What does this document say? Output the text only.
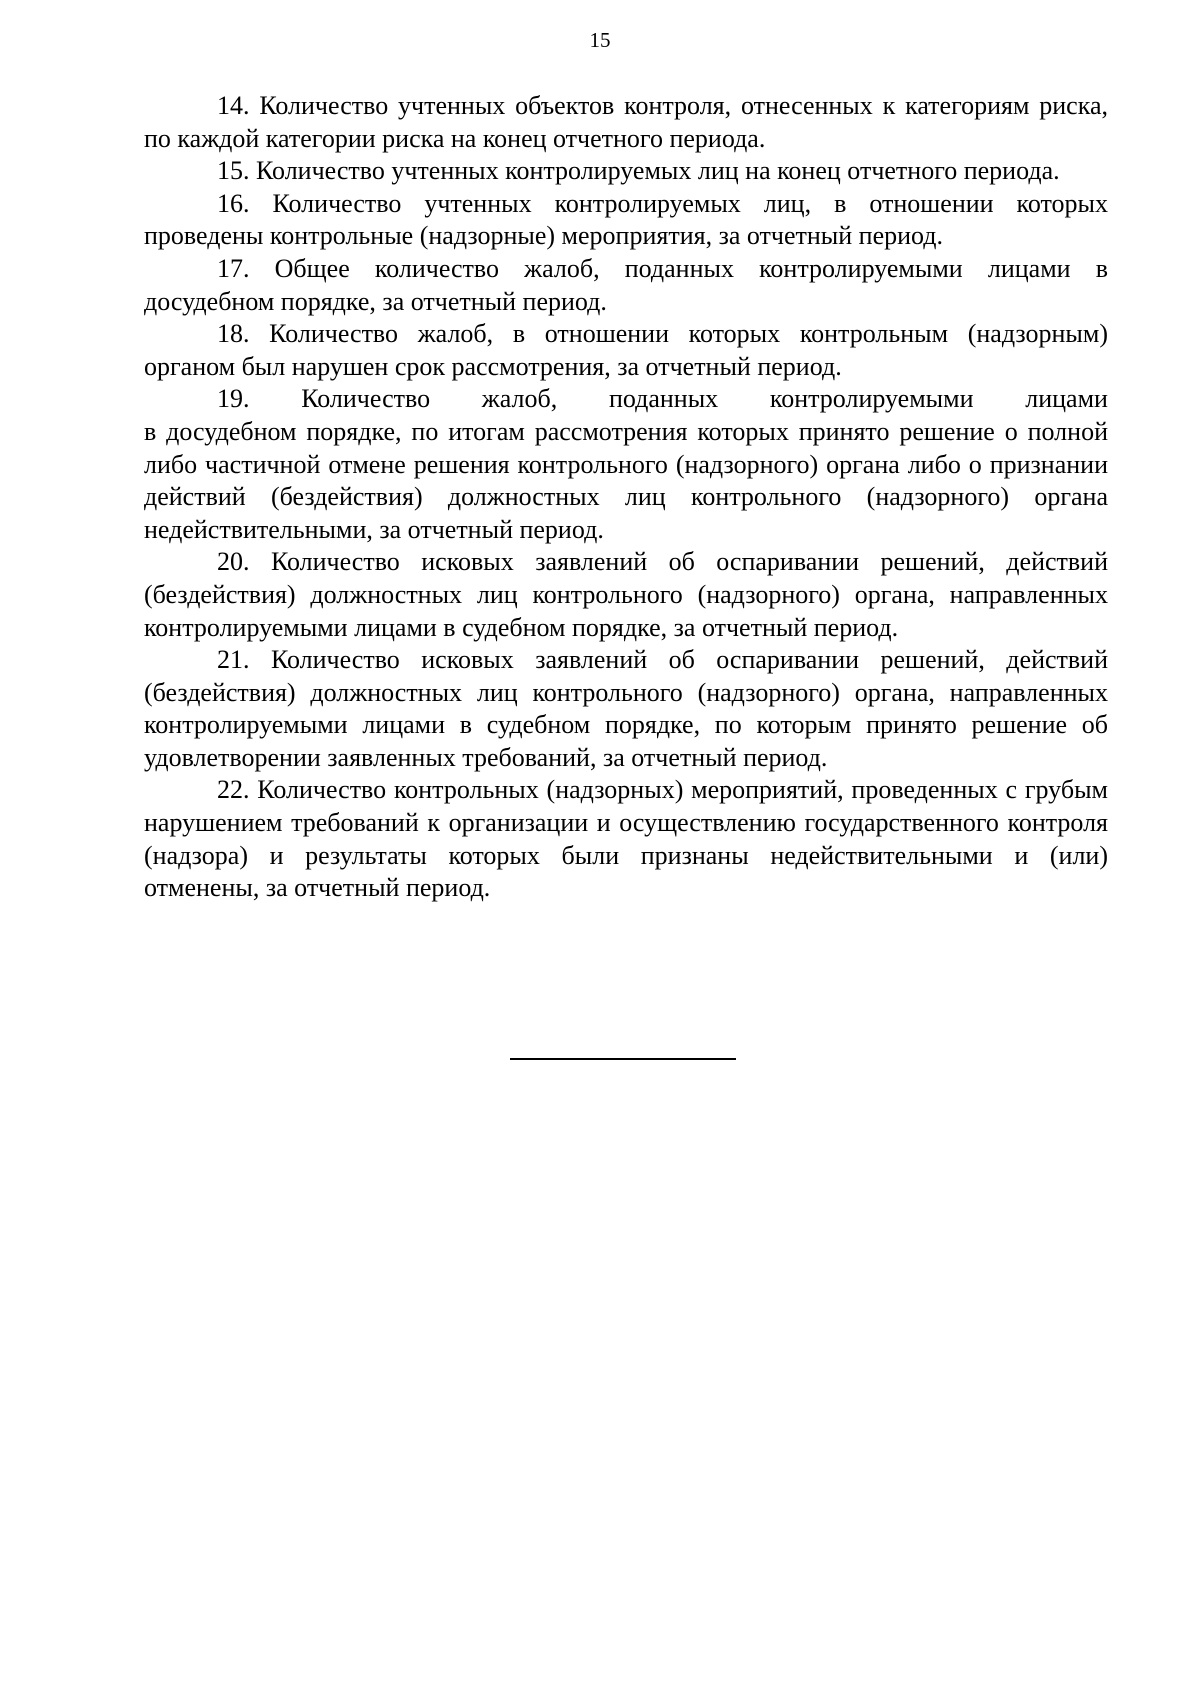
15

14. Количество учтенных объектов контроля, отнесенных к категориям риска, по каждой категории риска на конец отчетного периода.

15. Количество учтенных контролируемых лиц на конец отчетного периода.

16. Количество учтенных контролируемых лиц, в отношении которых проведены контрольные (надзорные) мероприятия, за отчетный период.

17. Общее количество жалоб, поданных контролируемыми лицами в досудебном порядке, за отчетный период.

18. Количество жалоб, в отношении которых контрольным (надзорным) органом был нарушен срок рассмотрения, за отчетный период.

19. Количество жалоб, поданных контролируемыми лицами
в досудебном порядке, по итогам рассмотрения которых принято решение о полной либо частичной отмене решения контрольного (надзорного) органа либо о признании действий (бездействия) должностных лиц контрольного (надзорного) органа недействительными, за отчетный период.

20. Количество исковых заявлений об оспаривании решений, действий (бездействия) должностных лиц контрольного (надзорного) органа, направленных контролируемыми лицами в судебном порядке, за отчетный период.

21. Количество исковых заявлений об оспаривании решений, действий (бездействия) должностных лиц контрольного (надзорного) органа, направленных контролируемыми лицами в судебном порядке, по которым принято решение об удовлетворении заявленных требований, за отчетный период.

22. Количество контрольных (надзорных) мероприятий, проведенных с грубым нарушением требований к организации и осуществлению государственного контроля (надзора) и результаты которых были признаны недействительными и (или) отменены, за отчетный период.
